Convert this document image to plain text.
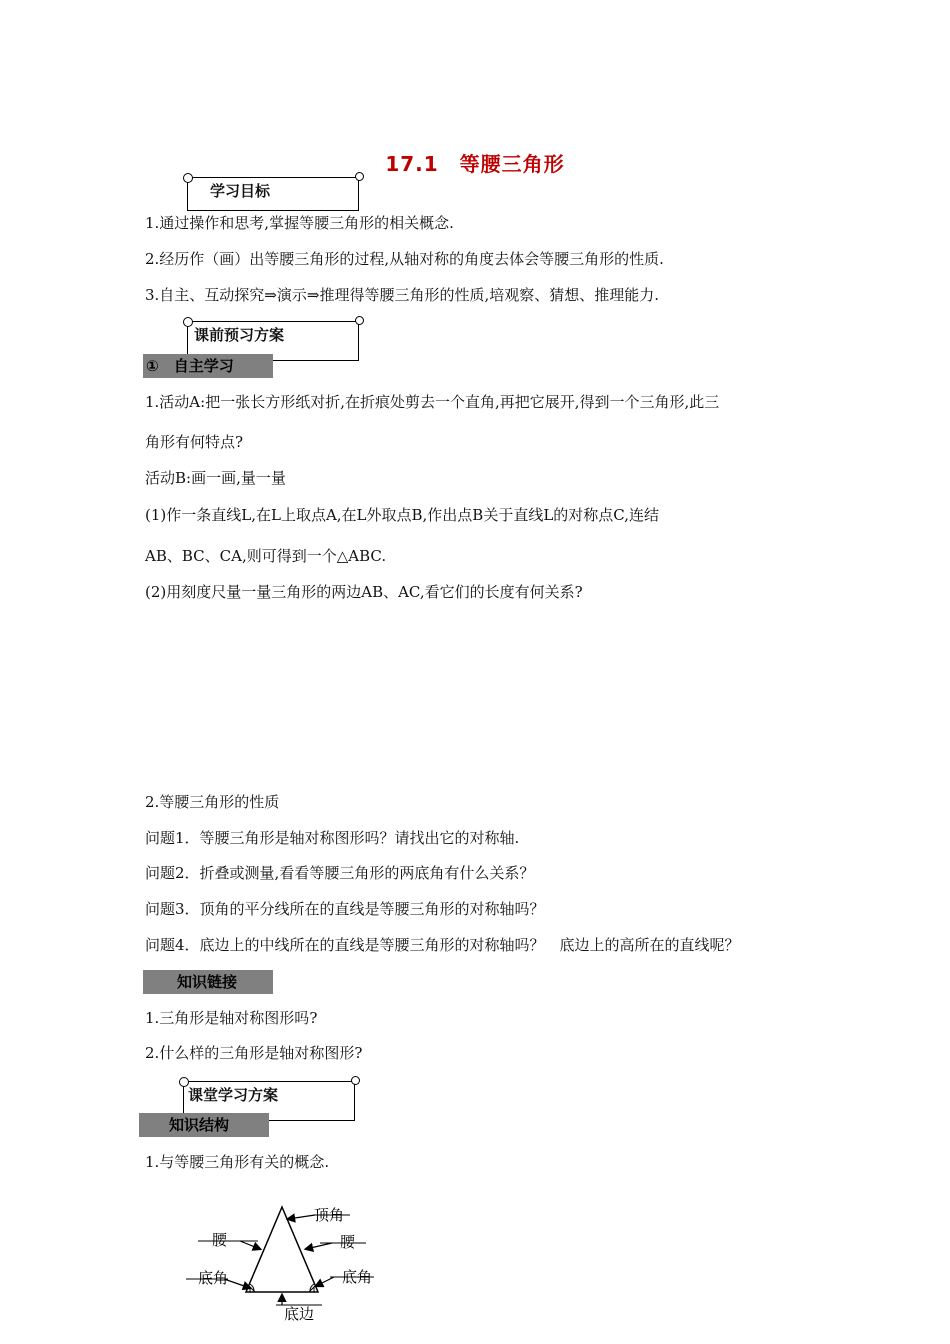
17.1　等腰三角形
学习目标
1.通过操作和思考,掌握等腰三角形的相关概念.
2.经历作（画）出等腰三角形的过程,从轴对称的角度去体会等腰三角形的性质.
3.自主、互动探究⇒演示⇒推理得等腰三角形的性质,培观察、猜想、推理能力.
课前预习方案
①　自主学习
1.活动A:把一张长方形纸对折,在折痕处剪去一个直角,再把它展开,得到一个三角形,此三
角形有何特点?
活动B:画一画,量一量
(1)作一条直线L,在L上取点A,在L外取点B,作出点B关于直线L的对称点C,连结
AB、BC、CA,则可得到一个△ABC.
(2)用刻度尺量一量三角形的两边AB、AC,看它们的长度有何关系?
2.等腰三角形的性质
问题1．等腰三角形是轴对称图形吗？请找出它的对称轴.
问题2．折叠或测量,看看等腰三角形的两底角有什么关系？
问题3．顶角的平分线所在的直线是等腰三角形的对称轴吗？
问题4．底边上的中线所在的直线是等腰三角形的对称轴吗？　底边上的高所在的直线呢？
知识链接
1.三角形是轴对称图形吗?
2.什么样的三角形是轴对称图形?
课堂学习方案
知识结构
1.与等腰三角形有关的概念.
顶角
腰	腰
底角	底角
底边
